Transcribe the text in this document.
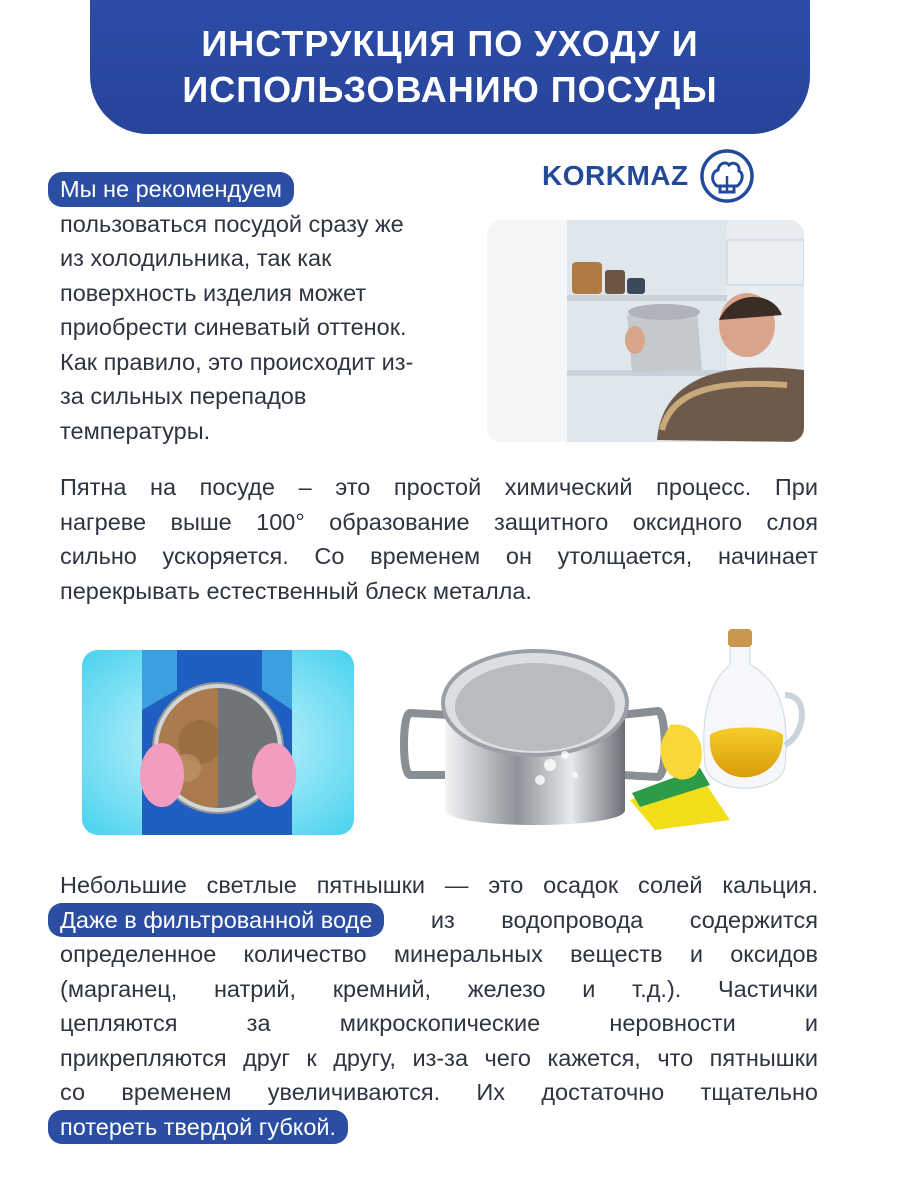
ИНСТРУКЦИЯ ПО УХОДУ И
ИСПОЛЬЗОВАНИЮ ПОСУДЫ
KORKMAZ
Мы не рекомендуем
пользоваться посудой сразу же
из холодильника, так как
поверхность изделия может
приобрести синеватый оттенок.
Как правило, это происходит из-
за сильных перепадов
температуры.
Пятна на посуде – это простой химический процесс. При
нагреве выше 100° образование защитного оксидного слоя
сильно ускоряется. Со временем он утолщается, начинает
перекрывать естественный блеск металла.
Небольшие светлые пятнышки — это осадок солей кальция.
Даже в фильтрованной воде из водопровода содержится
определенное количество минеральных веществ и оксидов
(марганец, натрий, кремний, железо и т.д.). Частички
цепляются за микроскопические неровности и
прикрепляются друг к другу, из-за чего кажется, что пятнышки
со временем увеличиваются. Их достаточно тщательно
потереть твердой губкой.
